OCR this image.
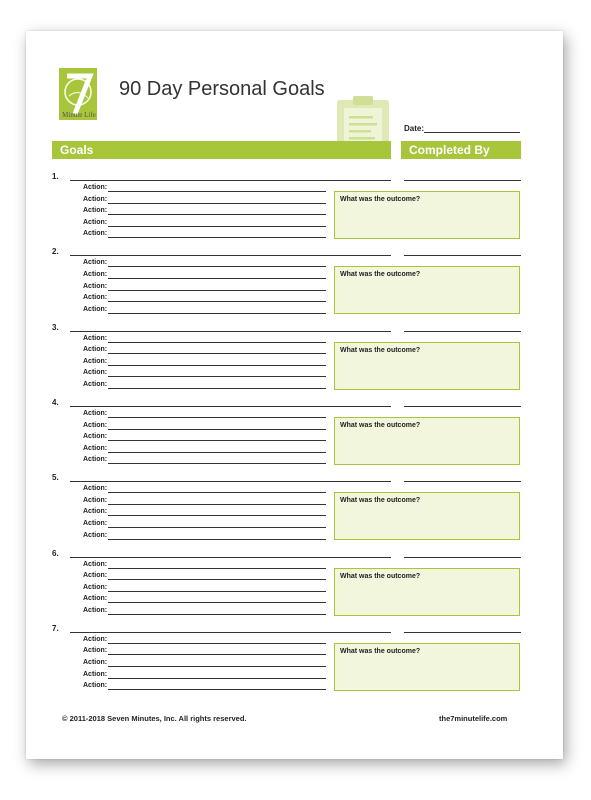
Minute Life
90 Day Personal Goals
Date:
Goals	Completed By
1.
Action:
Action:
Action:
Action:
Action:
What was the outcome?
2.
Action:
Action:
Action:
Action:
Action:
What was the outcome?
3.
Action:
Action:
Action:
Action:
Action:
What was the outcome?
4.
Action:
Action:
Action:
Action:
Action:
What was the outcome?
5.
Action:
Action:
Action:
Action:
Action:
What was the outcome?
6.
Action:
Action:
Action:
Action:
Action:
What was the outcome?
7.
Action:
Action:
Action:
Action:
Action:
What was the outcome?
© 2011-2018 Seven Minutes, Inc. All rights reserved.	the7minutelife.com
